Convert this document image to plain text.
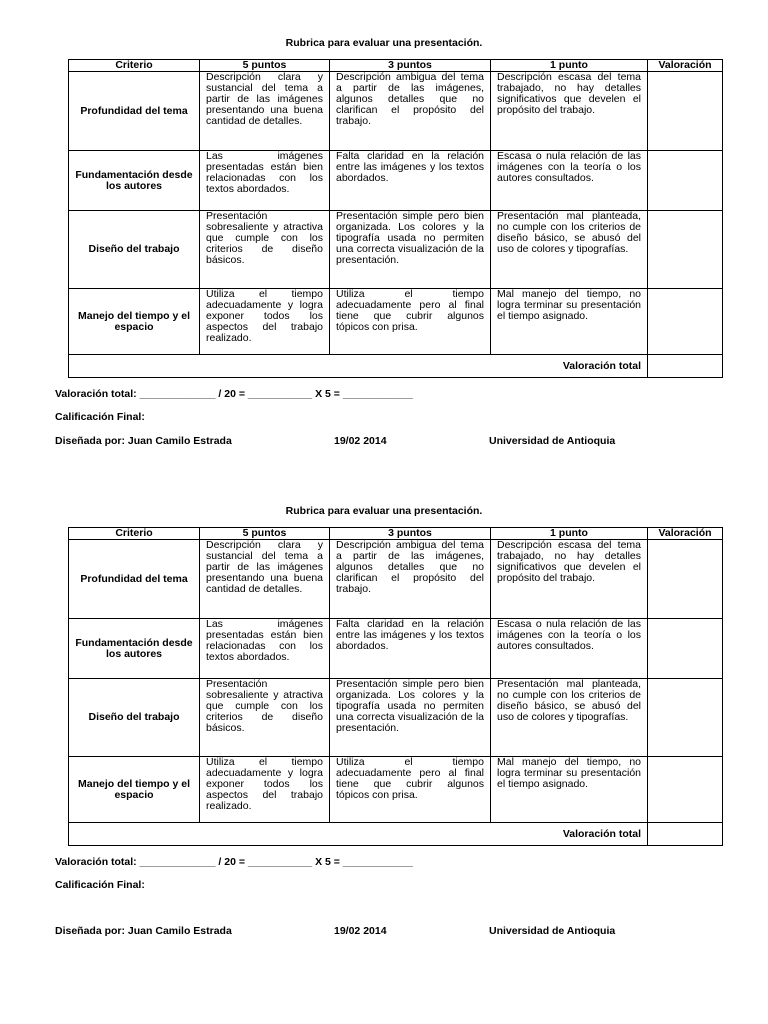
Rubrica para evaluar una presentación.
Criterio	5 puntos	3 puntos	1 punto	Valoración
Profundidad del tema	Descripción clara y sustancial del tema a partir de las imágenes presentando una buena cantidad de detalles.	Descripción ambigua del tema a partir de las imágenes, algunos detalles que no clarifican el propósito del trabajo.	Descripción escasa del tema trabajado, no hay detalles significativos que develen el propósito del trabajo.	
Fundamentación desde los autores	Las imágenes presentadas están bien relacionadas con los textos abordados.	Falta claridad en la relación entre las imágenes y los textos abordados.	Escasa o nula relación de las imágenes con la teoría o los autores consultados.	
Diseño del trabajo	Presentación sobresaliente y atractiva que cumple con los criterios de diseño básicos.	Presentación simple pero bien organizada. Los colores y la tipografía usada no permiten una correcta visualización de la presentación.	Presentación mal planteada, no cumple con los criterios de diseño básico, se abusó del uso de colores y tipografías.	
Manejo del tiempo y el espacio	Utiliza el tiempo adecuadamente y logra exponer todos los aspectos del trabajo realizado.	Utiliza el tiempo adecuadamente pero al final tiene que cubrir algunos tópicos con prisa.	Mal manejo del tiempo, no logra terminar su presentación el tiempo asignado.	
Valoración total				
Valoración total: _____________ / 20 = ___________ X 5 = ____________
Calificación Final:
Diseñada por: Juan Camilo Estrada	19/02 2014	Universidad de Antioquia
Rubrica para evaluar una presentación.
Criterio	5 puntos	3 puntos	1 punto	Valoración
Profundidad del tema	Descripción clara y sustancial del tema a partir de las imágenes presentando una buena cantidad de detalles.	Descripción ambigua del tema a partir de las imágenes, algunos detalles que no clarifican el propósito del trabajo.	Descripción escasa del tema trabajado, no hay detalles significativos que develen el propósito del trabajo.	
Fundamentación desde los autores	Las imágenes presentadas están bien relacionadas con los textos abordados.	Falta claridad en la relación entre las imágenes y los textos abordados.	Escasa o nula relación de las imágenes con la teoría o los autores consultados.	
Diseño del trabajo	Presentación sobresaliente y atractiva que cumple con los criterios de diseño básicos.	Presentación simple pero bien organizada. Los colores y la tipografía usada no permiten una correcta visualización de la presentación.	Presentación mal planteada, no cumple con los criterios de diseño básico, se abusó del uso de colores y tipografías.	
Manejo del tiempo y el espacio	Utiliza el tiempo adecuadamente y logra exponer todos los aspectos del trabajo realizado.	Utiliza el tiempo adecuadamente pero al final tiene que cubrir algunos tópicos con prisa.	Mal manejo del tiempo, no logra terminar su presentación el tiempo asignado.	
Valoración total				
Valoración total: _____________ / 20 = ___________ X 5 = ____________
Calificación Final:
Diseñada por: Juan Camilo Estrada	19/02 2014	Universidad de Antioquia
